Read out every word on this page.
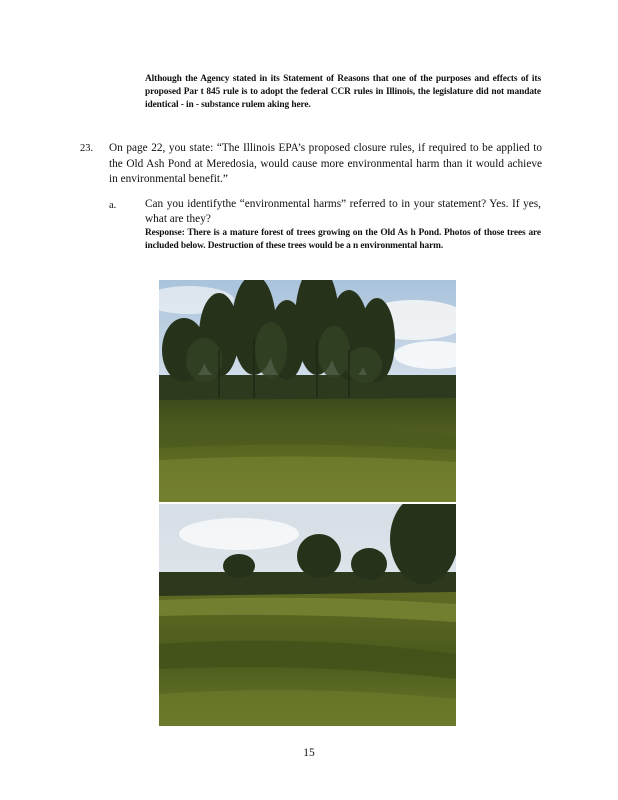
Although the Agency stated in its Statement of Reasons that one of the purposes and effects of its proposed Par t 845 rule is to adopt the federal CCR rules in Illinois, the legislature did not mandate identical - in - substance rulem aking here.
23. On page 22, you state: “The Illinois EPA’s proposed closure rules, if required to be applied to the Old Ash Pond at Meredosia, would cause more environmental harm than it would achieve in environmental benefit.”
a.	Can you identifythe “environmental harms” referred to in your statement? Yes. If yes, what are they?
Response: There is a mature forest of trees growing on the Old As h Pond. Photos of those trees are included below. Destruction of these trees would be a n environmental harm.
15
